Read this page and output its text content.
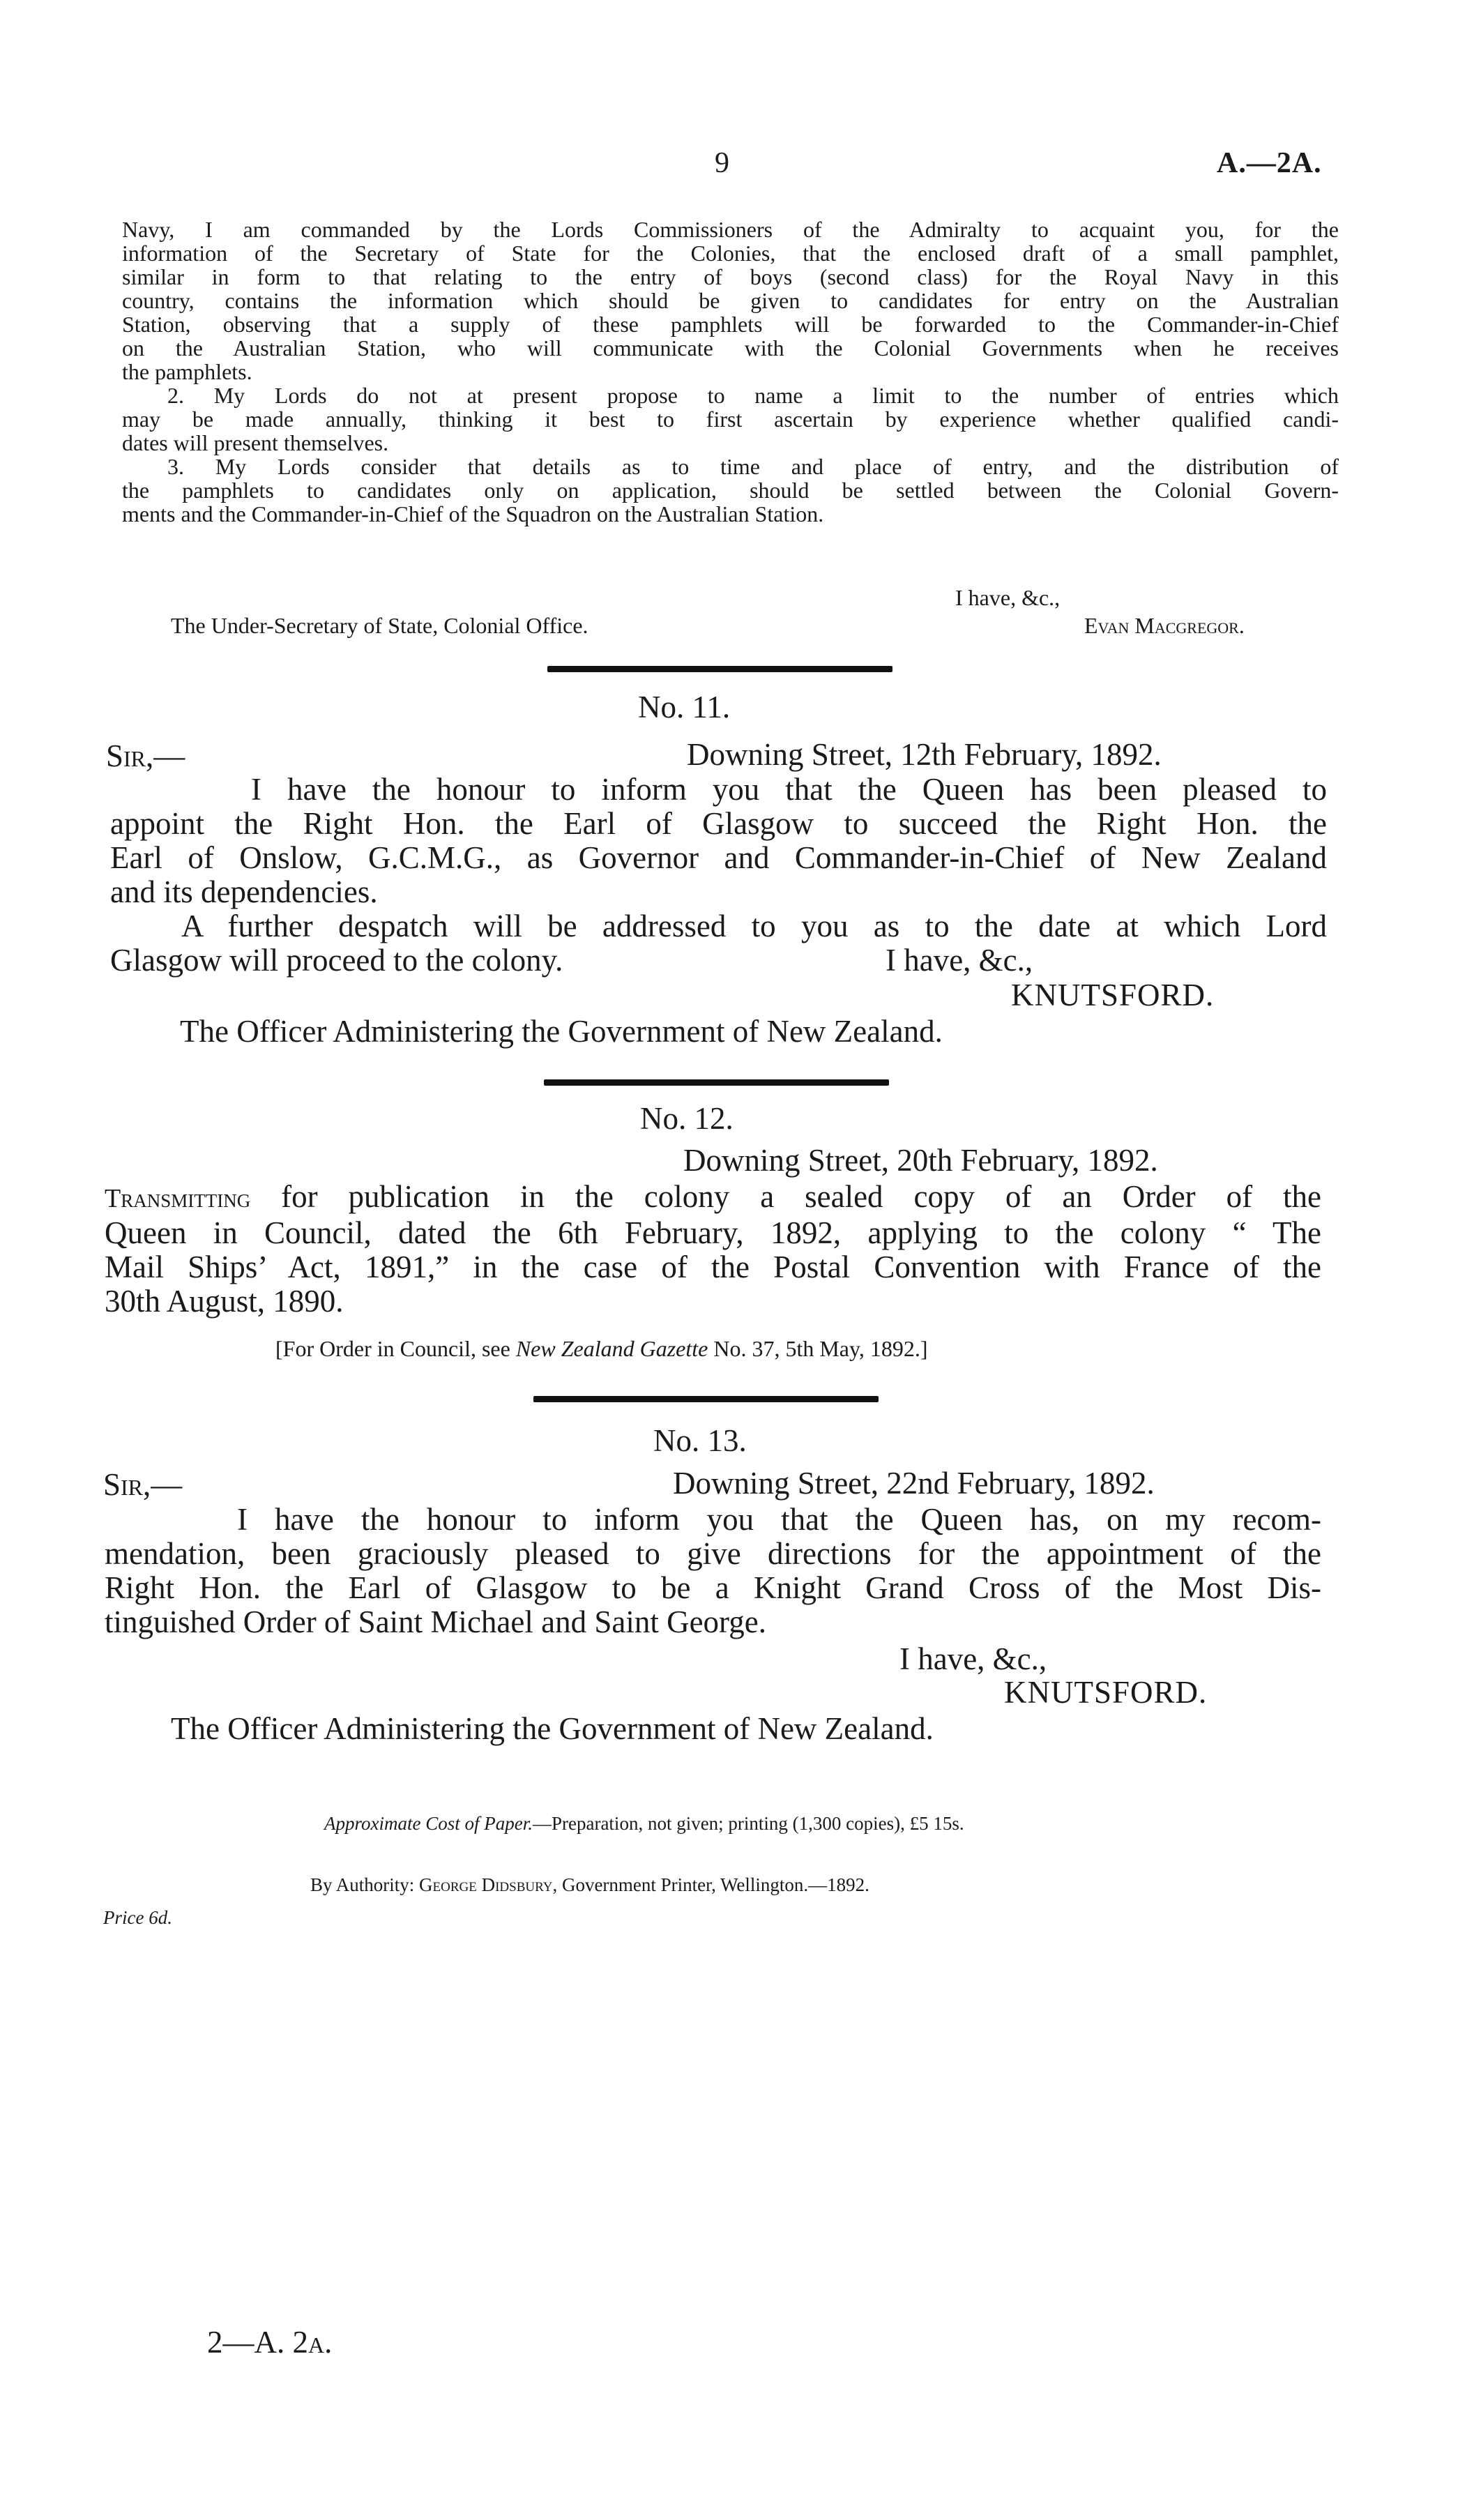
9	A.—2A.
Navy, I am commanded by the Lords Commissioners of the Admiralty to acquaint you, for the
information of the Secretary of State for the Colonies, that the enclosed draft of a small pamphlet,
similar in form to that relating to the entry of boys (second class) for the Royal Navy in this
country, contains the information which should be given to candidates for entry on the Australian
Station, observing that a supply of these pamphlets will be forwarded to the Commander-in-Chief
on the Australian Station, who will communicate with the Colonial Governments when he receives
the pamphlets.
2. My Lords do not at present propose to name a limit to the number of entries which
may be made annually, thinking it best to first ascertain by experience whether qualified candi-
dates will present themselves.
3. My Lords consider that details as to time and place of entry, and the distribution of
the pamphlets to candidates only on application, should be settled between the Colonial Govern-
ments and the Commander-in-Chief of the Squadron on the Australian Station.
I have, &c.,
The Under-Secretary of State, Colonial Office.	Evan Macgregor.
No. 11.
Sir,—	Downing Street, 12th February, 1892.
I have the honour to inform you that the Queen has been pleased to
appoint the Right Hon. the Earl of Glasgow to succeed the Right Hon. the
Earl of Onslow, G.C.M.G., as Governor and Commander-in-Chief of New Zealand
and its dependencies.
A further despatch will be addressed to you as to the date at which Lord
Glasgow will proceed to the colony.	I have, &c.,
KNUTSFORD.
The Officer Administering the Government of New Zealand.
No. 12.
Downing Street, 20th February, 1892.
Transmitting for publication in the colony a sealed copy of an Order of the
Queen in Council, dated the 6th February, 1892, applying to the colony “ The
Mail Ships’ Act, 1891,” in the case of the Postal Convention with France of the
30th August, 1890.
[For Order in Council, see New Zealand Gazette No. 37, 5th May, 1892.]
No. 13.
Sir,—	Downing Street, 22nd February, 1892.
I have the honour to inform you that the Queen has, on my recom-
mendation, been graciously pleased to give directions for the appointment of the
Right Hon. the Earl of Glasgow to be a Knight Grand Cross of the Most Dis-
tinguished Order of Saint Michael and Saint George.
I have, &c.,
KNUTSFORD.
The Officer Administering the Government of New Zealand.
Approximate Cost of Paper.—Preparation, not given; printing (1,300 copies), £5 15s.
By Authority: George Didsbury, Government Printer, Wellington.—1892.
Price 6d.
2—A. 2a.
